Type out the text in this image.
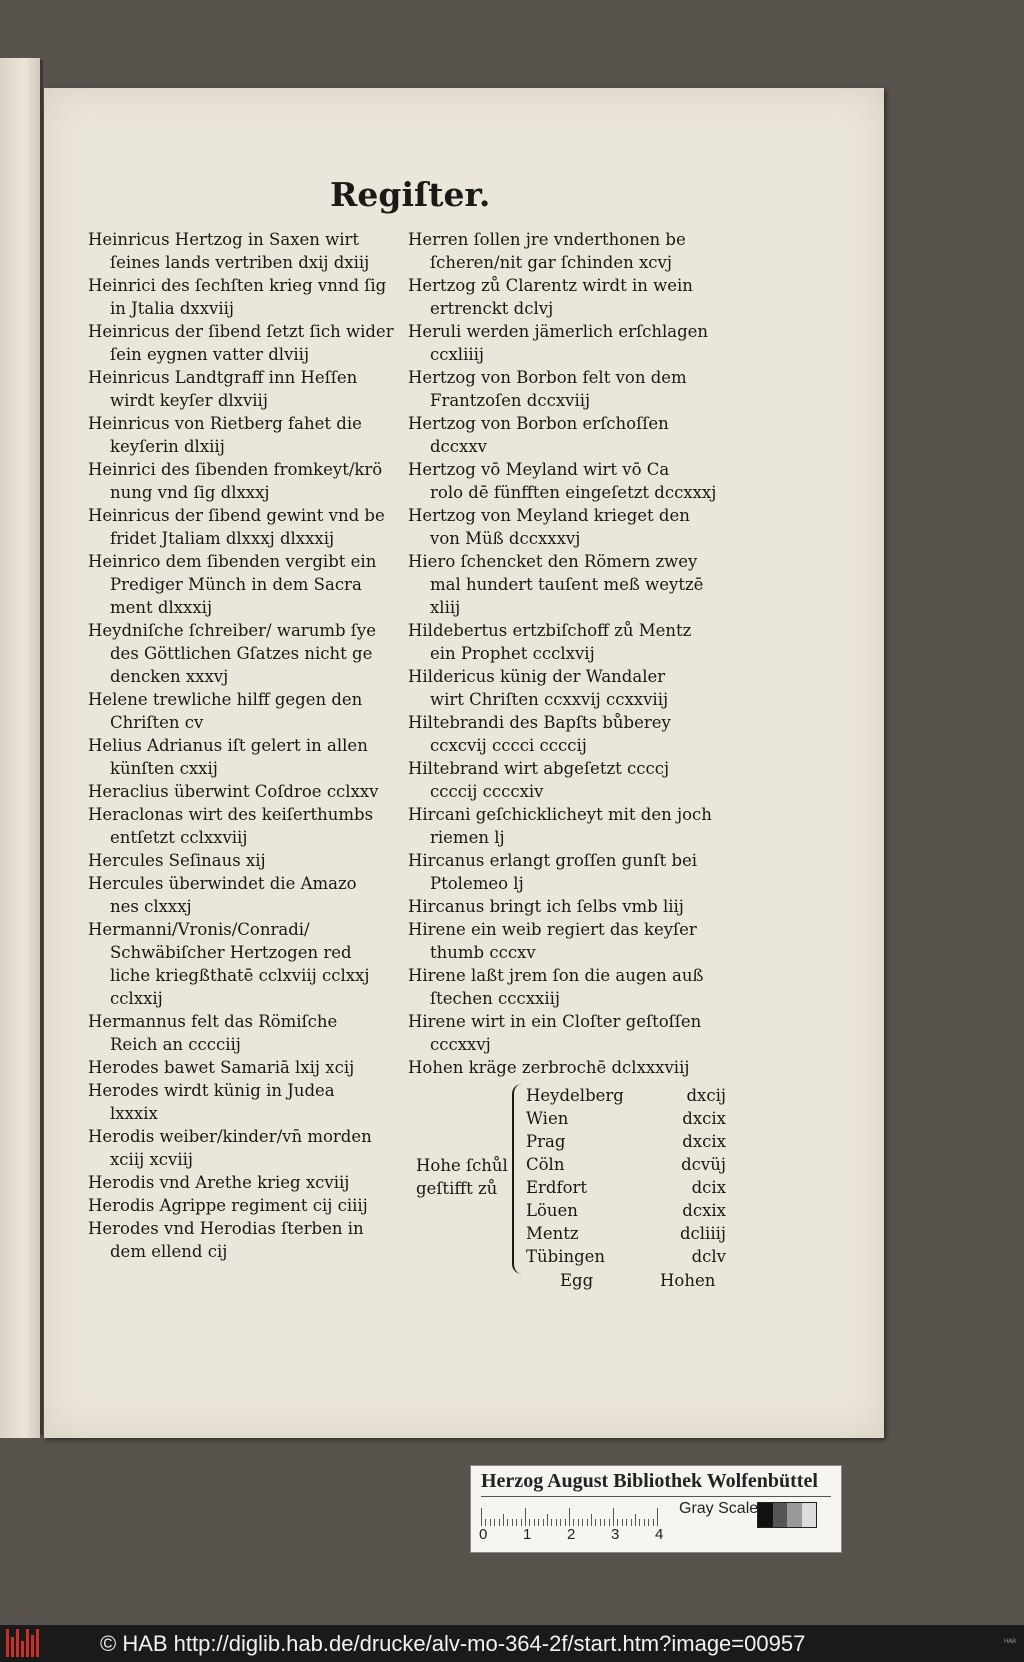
Regiſter.
Heinricus Hertzog in Saxen wirt
ſeines lands vertriben dxij dxiij
Heinrici des ſechſten krieg vnnd ſig
in Jtalia dxxviij
Heinricus der ſibend ſetzt ſich wider
ſein eygnen vatter dlviij
Heinricus Landtgraff inn Heſſen
wirdt keyſer dlxviij
Heinricus von Rietberg fahet die
keyſerin dlxiij
Heinrici des ſibenden fromkeyt/krö
nung vnd ſig dlxxxj
Heinricus der ſibend gewint vnd be
fridet Jtaliam dlxxxj dlxxxij
Heinrico dem ſibenden vergibt ein
Prediger Münch in dem Sacra
ment dlxxxij
Heydniſche ſchreiber/ warumb ſye
des Göttlichen Gſatzes nicht ge
dencken xxxvj
Helene trewliche hilff gegen den
Chriſten cv
Helius Adrianus iſt gelert in allen
künſten cxxij
Heraclius überwint Coſdroe cclxxv
Heraclonas wirt des keiſerthumbs
entſetzt cclxxviij
Hercules Seſinaus xij
Hercules überwindet die Amazo
nes clxxxj
Hermanni/Vronis/Conradi/
Schwäbiſcher Hertzogen red
liche kriegßthatē cclxviij cclxxj
cclxxij
Hermannus felt das Römiſche
Reich an cccciij
Herodes bawet Samariā lxij xcij
Herodes wirdt künig in Judea
lxxxix
Herodis weiber/kinder/vn̄ morden
xciij xcviij
Herodis vnd Arethe krieg xcviij
Herodis Agrippe regiment cij ciiij
Herodes vnd Herodias ſterben in
dem ellend cij
Herren ſollen jre vnderthonen be
ſcheren/nit gar ſchinden xcvj
Hertzog zů Clarentz wirdt in wein
ertrenckt dclvj
Heruli werden jämerlich erſchlagen
ccxliiij
Hertzog von Borbon felt von dem
Frantzoſen dccxviij
Hertzog von Borbon erſchoſſen
dccxxv
Hertzog vō Meyland wirt vō Ca
rolo dē fünfften eingeſetzt dccxxxj
Hertzog von Meyland krieget den
von Müß dccxxxvj
Hiero ſchencket den Römern zwey
mal hundert tauſent meß weytzē
xliij
Hildebertus ertzbiſchoff zů Mentz
ein Prophet ccclxvij
Hildericus künig der Wandaler
wirt Chriſten ccxxvij ccxxviij
Hiltebrandi des Bapſts bůberey
ccxcvij cccci ccccij
Hiltebrand wirt abgeſetzt ccccj
ccccij ccccxiv
Hircani geſchicklicheyt mit den joch
riemen lj
Hircanus erlangt groſſen gunſt bei
Ptolemeo lj
Hircanus bringt ich ſelbs vmb liij
Hirene ein weib regiert das keyſer
thumb cccxv
Hirene laßt jrem ſon die augen auß
ſtechen cccxxiij
Hirene wirt in ein Cloſter geſtoſſen
cccxxvj
Hohen kräge zerbrochē dclxxxviij
Hohe ſchůl
geſtifft zů
Heydelberg	dxcij
Wien	dxcix
Prag	dxcix
Cöln	dcvüj
Erdfort	dcix
Löuen	dcxix
Mentz	dcliiij
Tübingen	dclv
Egg	Hohen
Herzog August Bibliothek Wolfenbüttel
0 1 2 3 4
Gray Scale
© HAB http://diglib.hab.de/drucke/alv-mo-364-2f/start.htm?image=00957	ᴴᴬᴮ
